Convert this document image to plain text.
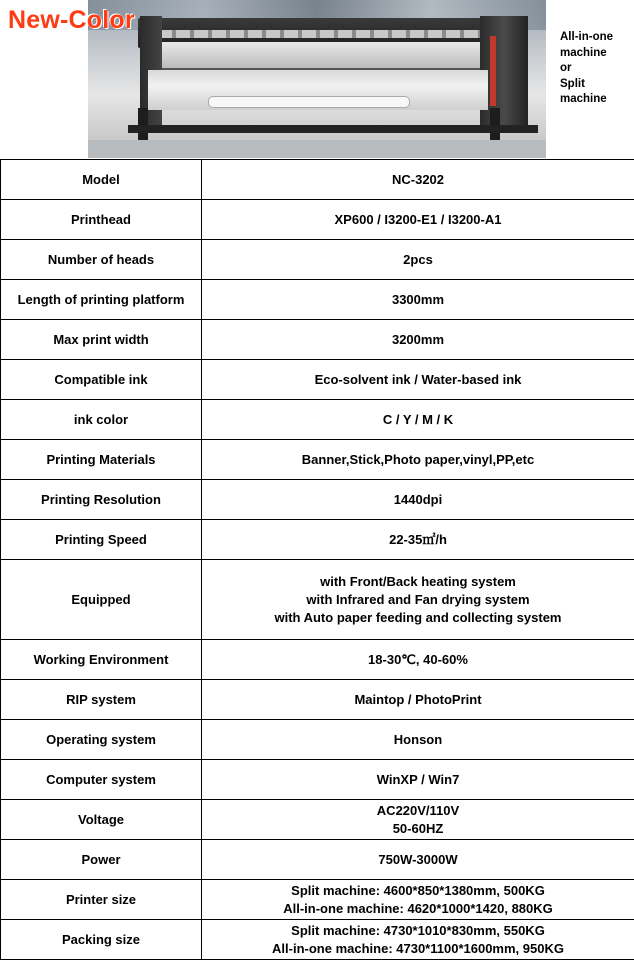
New-Color
All-in-one
machine
or
Split
machine
Model	NC-3202

Printhead	XP600 / I3200-E1 / I3200-A1

Number of heads	2pcs

Length of printing platform	3300mm

Max print width	3200mm

Compatible ink	Eco-solvent ink / Water-based ink

ink color	C / Y / M / K

Printing Materials	Banner,Stick,Photo paper,vinyl,PP,etc

Printing Resolution	1440dpi

Printing Speed	22-35㎡/h

Equipped	with Front/Back heating system
with Infrared and Fan drying system
with Auto paper feeding and collecting system

Working Environment	18-30℃, 40-60%

RIP system	Maintop / PhotoPrint

Operating system	Honson

Computer system	WinXP / Win7

Voltage	AC220V/110V
50-60HZ

Power	750W-3000W

Printer size	Split machine: 4600*850*1380mm, 500KG
All-in-one machine: 4620*1000*1420, 880KG

Packing size	Split machine: 4730*1010*830mm, 550KG
All-in-one machine: 4730*1100*1600mm, 950KG
